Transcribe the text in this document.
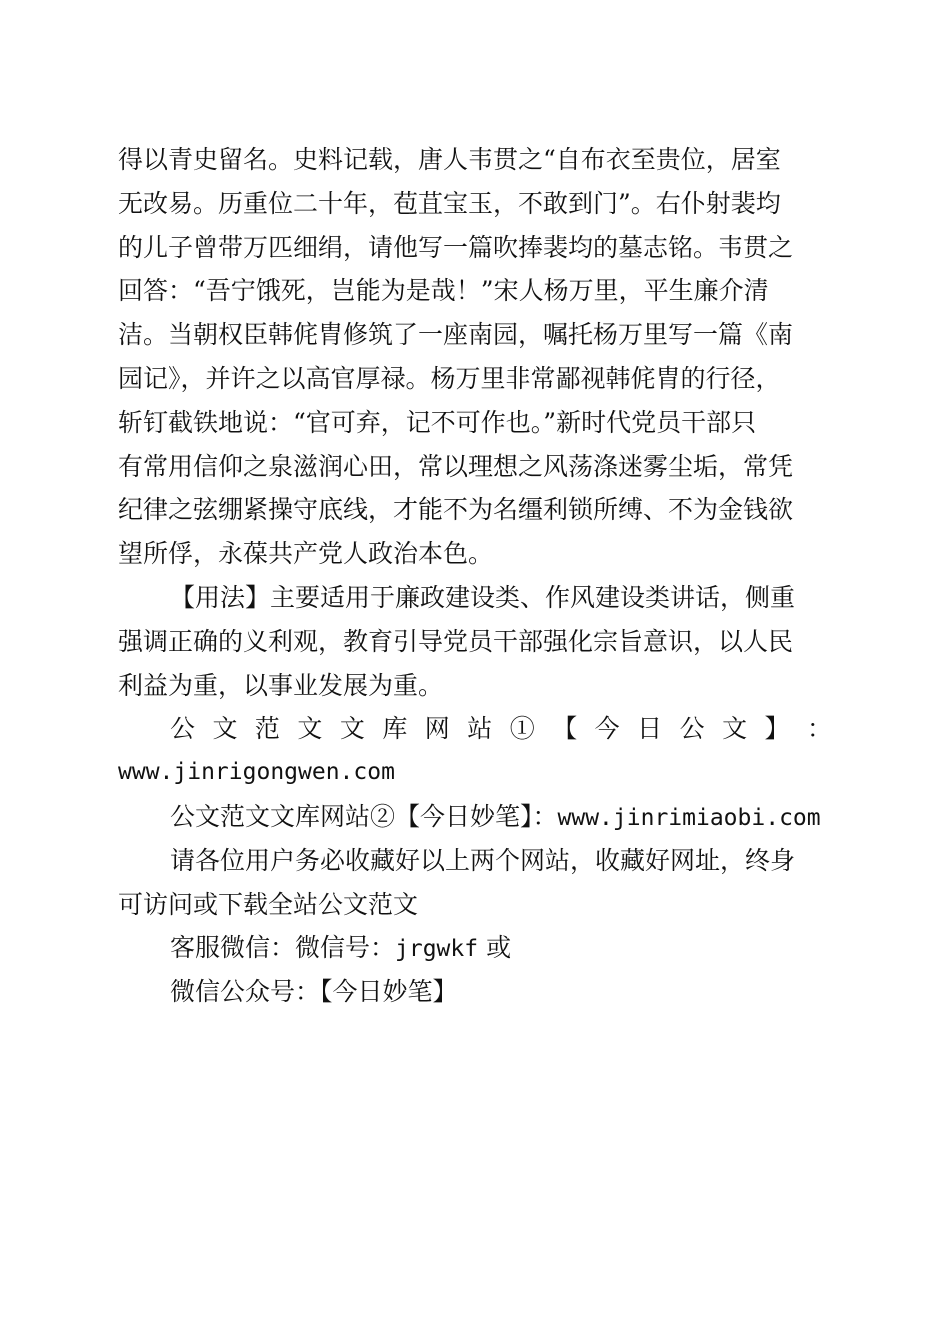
得以青史留名。史料记载，唐人韦贯之“自布衣至贵位，居室
无改易。历重位二十年，苞苴宝玉，不敢到门”。右仆射裴均
的儿子曾带万匹细绢，请他写一篇吹捧裴均的墓志铭。韦贯之
回答：“吾宁饿死，岂能为是哉！”宋人杨万里，平生廉介清
洁。当朝权臣韩侂胄修筑了一座南园，嘱托杨万里写一篇《南
园记》，并许之以高官厚禄。杨万里非常鄙视韩侂胄的行径，
斩钉截铁地说：“官可弃，记不可作也。”新时代党员干部只
有常用信仰之泉滋润心田，常以理想之风荡涤迷雾尘垢，常凭
纪律之弦绷紧操守底线，才能不为名缰利锁所缚、不为金钱欲
望所俘，永葆共产党人政治本色。
【用法】主要适用于廉政建设类、作风建设类讲话，侧重
强调正确的义利观，教育引导党员干部强化宗旨意识，以人民
利益为重，以事业发展为重。
公 文 范 文 文 库 网 站 ① 【 今 日 公 文 】 ：
www.jinrigongwen.com
公文范文文库网站②【今日妙笔】：www.jinrimiaobi.com
请各位用户务必收藏好以上两个网站，收藏好网址，终身
可访问或下载全站公文范文
客服微信：微信号：jrgwkf 或
微信公众号：【今日妙笔】
